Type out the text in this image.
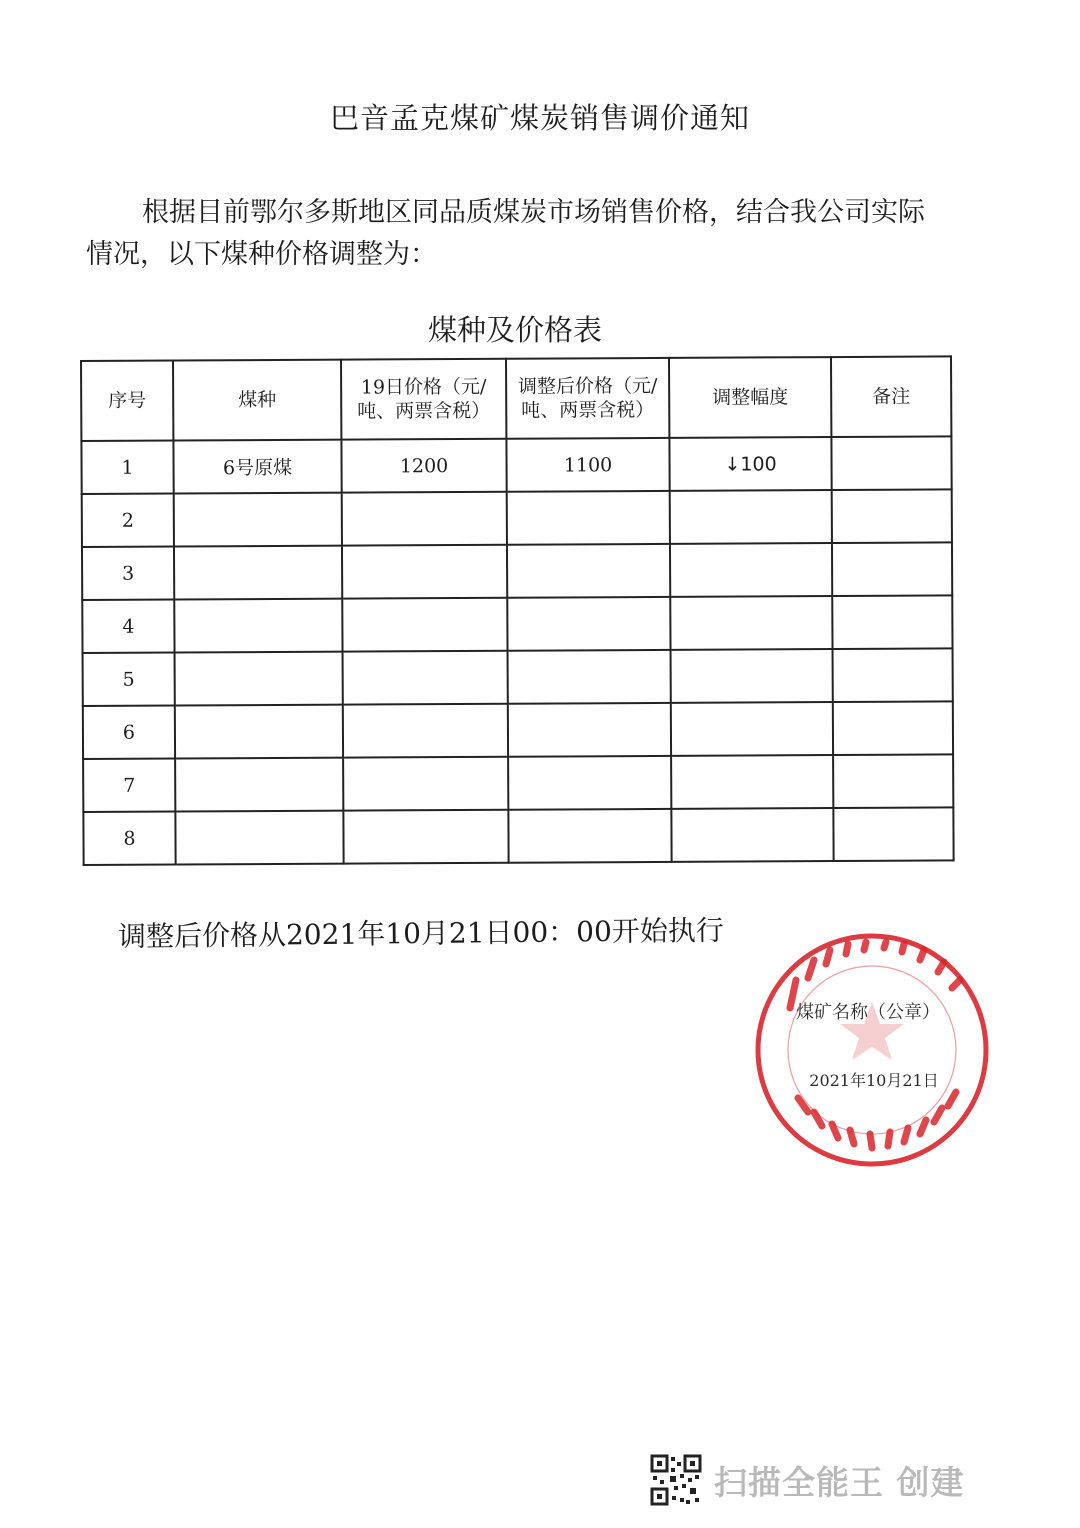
巴音孟克煤矿煤炭销售调价通知
根据目前鄂尔多斯地区同品质煤炭市场销售价格，结合我公司实际情况，以下煤种价格调整为：
煤种及价格表
序号	煤种	19日价格（元/吨、两票含税）	调整后价格（元/吨、两票含税）	调整幅度	备注
1	6号原煤	1200	1100	↓100	
2					
3					
4					
5					
6					
7					
8					
调整后价格从2021年10月21日00：00开始执行
煤矿名称（公章）
2021年10月21日
扫描全能王 创建
